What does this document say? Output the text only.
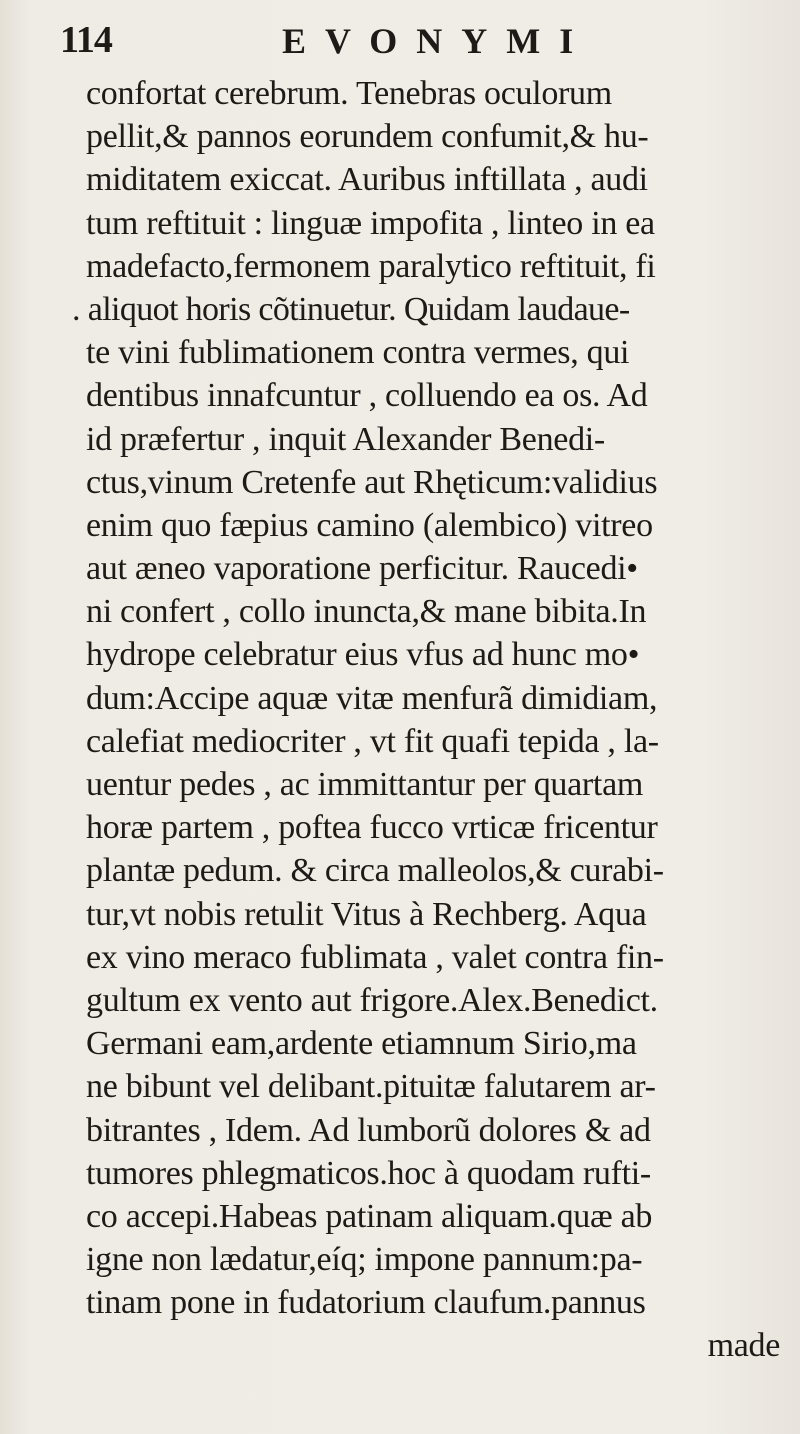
114	EVONYMI
confortat cerebrum. Tenebras oculorum
pellit,& pannos eorundem confumit,& hu-
miditatem exiccat. Auribus inftillata , audi
tum reftituit : linguæ impofita , linteo in ea
madefacto,fermonem paralytico reftituit, fi
. aliquot horis cõtinuetur. Quidam laudaue-
te vini fublimationem contra vermes, qui
dentibus innafcuntur , colluendo ea os. Ad
id præfertur , inquit Alexander Benedi-
ctus,vinum Cretenfe aut Rhęticum:validius
enim quo fæpius camino (alembico) vitreo
aut æneo vaporatione perficitur. Raucedi•
ni confert , collo inuncta,& mane bibita.In
hydrope celebratur eius vfus ad hunc mo•
dum:Accipe aquæ vitæ menfurã dimidiam,
calefiat mediocriter , vt fit quafi tepida , la-
uentur pedes , ac immittantur per quartam
horæ partem , poftea fucco vrticæ fricentur
plantæ pedum. & circa malleolos,& curabi-
tur,vt nobis retulit Vitus à Rechberg. Aqua
ex vino meraco fublimata , valet contra fin-
gultum ex vento aut frigore.Alex.Benedict.
Germani eam,ardente etiamnum Sirio,ma
ne bibunt vel delibant.pituitæ falutarem ar-
bitrantes , Idem. Ad lumborũ dolores & ad
tumores phlegmaticos.hoc à quodam rufti-
co accepi.Habeas patinam aliquam.quæ ab
igne non lædatur,eíq; impone pannum:pa-
tinam pone in fudatorium claufum.pannus
made
